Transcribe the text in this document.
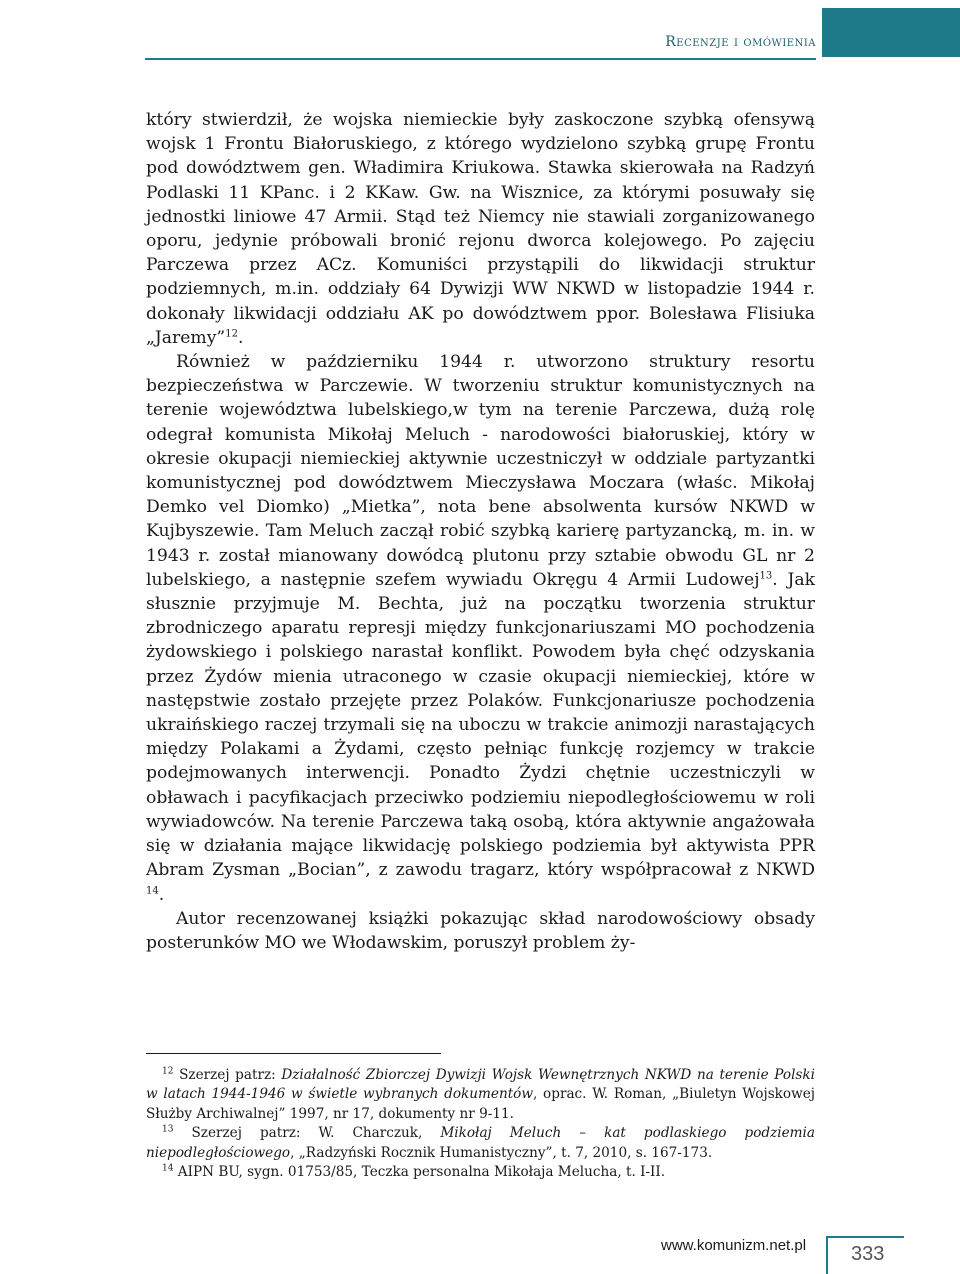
Recenzje i omówienia

który stwierdził, że wojska niemieckie były zaskoczone szybką ofensywą wojsk 1 Frontu Białoruskiego, z którego wydzielono szybką grupę Frontu pod dowództwem gen. Władimira Kriukowa. Stawka skierowała na Radzyń Podlaski 11 KPanc. i 2 KKaw. Gw. na Wisznice, za którymi posuwały się jednostki liniowe 47 Armii. Stąd też Niemcy nie stawiali zorganizowanego oporu, jedynie próbowali bronić rejonu dworca kolejowego. Po zajęciu Parczewa przez ACz. Komuniści przystąpili do likwidacji struktur podziemnych, m.in. oddziały 64 Dywizji WW NKWD w listopadzie 1944 r. dokonały likwidacji oddziału AK po dowództwem ppor. Bolesława Flisiuka „Jaremy”$^{12}$.

Również w październiku 1944 r. utworzono struktury resortu bezpieczeństwa w Parczewie. W tworzeniu struktur komunistycznych na terenie województwa lubelskiego,w tym na terenie Parczewa, dużą rolę odegrał komunista Mikołaj Meluch - narodowości białoruskiej, który w okresie okupacji niemieckiej aktywnie uczestniczył w oddziale partyzantki komunistycznej pod dowództwem Mieczysława Moczara (właśc. Mikołaj Demko vel Diomko) „Mietka”, nota bene absolwenta kursów NKWD w Kujbyszewie. Tam Meluch zaczął robić szybką karierę partyzancką, m. in. w 1943 r. został mianowany dowódcą plutonu przy sztabie obwodu GL nr 2 lubelskiego, a następnie szefem wywiadu Okręgu 4 Armii Ludowej$^{13}$. Jak słusznie przyjmuje M. Bechta, już na początku tworzenia struktur zbrodniczego aparatu represji między funkcjonariuszami MO pochodzenia żydowskiego i polskiego narastał konflikt. Powodem była chęć odzyskania przez Żydów mienia utraconego w czasie okupacji niemieckiej, które w następstwie zostało przejęte przez Polaków. Funkcjonariusze pochodzenia ukraińskiego raczej trzymali się na uboczu w trakcie animozji narastających między Polakami a Żydami, często pełniąc funkcję rozjemcy w trakcie podejmowanych interwencji. Ponadto Żydzi chętnie uczestniczyli w obławach i pacyfikacjach przeciwko podziemiu niepodległościowemu w roli wywiadowców. Na terenie Parczewa taką osobą, która aktywnie angażowała się w działania mające likwidację polskiego podziemia był aktywista PPR Abram Zysman „Bocian”, z zawodu tragarz, który współpracował z NKWD $^{14}$.

Autor recenzowanej książki pokazując skład narodowościowy obsady posterunków MO we Włodawskim, poruszył problem ży-

$^{12}$ Szerzej patrz: Działalność Zbiorczej Dywizji Wojsk Wewnętrznych NKWD na terenie Polski w latach 1944-1946 w świetle wybranych dokumentów, oprac. W. Roman, „Biuletyn Wojskowej Służby Archiwalnej” 1997, nr 17, dokumenty nr 9-11.

$^{13}$ Szerzej patrz: W. Charczuk, Mikołaj Meluch – kat podlaskiego podziemia niepodległościowego, „Radzyński Rocznik Humanistyczny”, t. 7, 2010, s. 167-173.

$^{14}$ AIPN BU, sygn. 01753/85, Teczka personalna Mikołaja Melucha, t. I-II.

www.komunizm.net.pl 333
